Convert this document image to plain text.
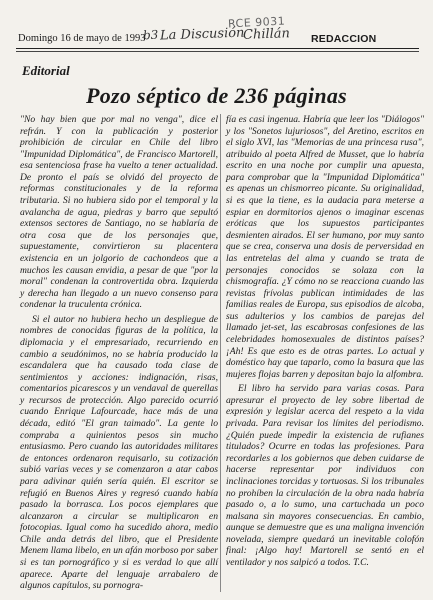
RCE 9031
b3 La Discusión
Chillán
Domingo 16 de mayo de 1993	REDACCION
Editorial
Pozo séptico de 236 páginas

"No hay bien que por mal no venga", dice el refrán. Y con la publicación y posterior prohibición de circular en Chile del libro "Impunidad Diplomática", de Francisco Martorell, esa sentenciosa frase ha vuelto a tener actualidad. De pronto el país se olvidó del proyecto de reformas constitucionales y de la reforma tributaria. Si no hubiera sido por el temporal y la avalancha de agua, piedras y barro que sepultó extensos sectores de Santiago, no se hablaría de otra cosa que de los personajes que, supuestamente, convirtieron su placentera existencia en un jolgorio de cachondeos que a muchos les causan envidia, a pesar de que "por la moral" condenan la controvertida obra. Izquierda y derecha han llegado a un nuevo consenso para condenar la truculenta crónica.

Si el autor no hubiera hecho un despliegue de nombres de conocidas figuras de la política, la diplomacia y el empresariado, recurriendo en cambio a seudónimos, no se habría producido la escandalera que ha causado toda clase de sentimientos y acciones: indignación, risas, comentarios picarescos y un vendaval de querellas y recursos de protección. Algo parecido ocurrió cuando Enrique Lafourcade, hace más de una década, editó "El gran taimado". La gente lo compraba a quinientos pesos sin mucho entusiasmo. Pero cuando las autoridades militares de entonces ordenaron requisarlo, su cotización subió varias veces y se comenzaron a atar cabos para adivinar quién sería quién. El escritor se refugió en Buenos Aires y regresó cuando había pasado la borrasca. Los pocos ejemplares que alcanzaron a circular se multiplicaron en fotocopias. Igual como ha sucedido ahora, medio Chile anda detrás del libro, que el Presidente Menem llama libelo, en un afán morboso por saber si es tan pornográfico y si es verdad lo que allí aparece. Aparte del lenguaje arrabalero de algunos capítulos, su pornogra-

fía es casi ingenua. Habría que leer los "Diálogos" y los "Sonetos lujuriosos", del Aretino, escritos en el siglo XVI, las "Memorias de una princesa rusa", atribuido al poeta Alfred de Musset, que lo habría escrito en una noche por cumplir una apuesta, para comprobar que la "Impunidad Diplomática" es apenas un chismorreo picante. Su originalidad, si es que la tiene, es la audacia para meterse a espiar en dormitorios ajenos o imaginar escenas eróticas que los supuestos participantes desmienten airados. El ser humano, por muy santo que se crea, conserva una dosis de perversidad en las entretelas del alma y cuando se trata de personajes conocidos se solaza con la chismografía. ¿Y cómo no se reacciona cuando las revistas frívolas publican intimidades de las familias reales de Europa, sus episodios de alcoba, sus adulterios y los cambios de parejas del llamado jet-set, las escabrosas confesiones de las celebridades homosexuales de distintos países? ¡Ah! Es que esto es de otras partes. Lo actual y doméstico hay que taparlo, como la basura que las mujeres flojas barren y depositan bajo la alfombra.

El libro ha servido para varias cosas. Para apresurar el proyecto de ley sobre libertad de expresión y legislar acerca del respeto a la vida privada. Para revisar los límites del periodismo. ¿Quién puede impedir la existencia de rufianes titulados? Ocurre en todas las profesiones. Para recordarles a los gobiernos que deben cuidarse de hacerse representar por individuos con inclinaciones torcidas y tortuosas. Si los tribunales no prohíben la circulación de la obra nada habría pasado o, a lo sumo, una cartuchada un poco malsana sin mayores consecuencias. En cambio, aunque se demuestre que es una maligna invención novelada, siempre quedará un inevitable colofón final: ¡Algo hay! Martorell se sentó en el ventilador y nos salpicó a todos. T.C.
